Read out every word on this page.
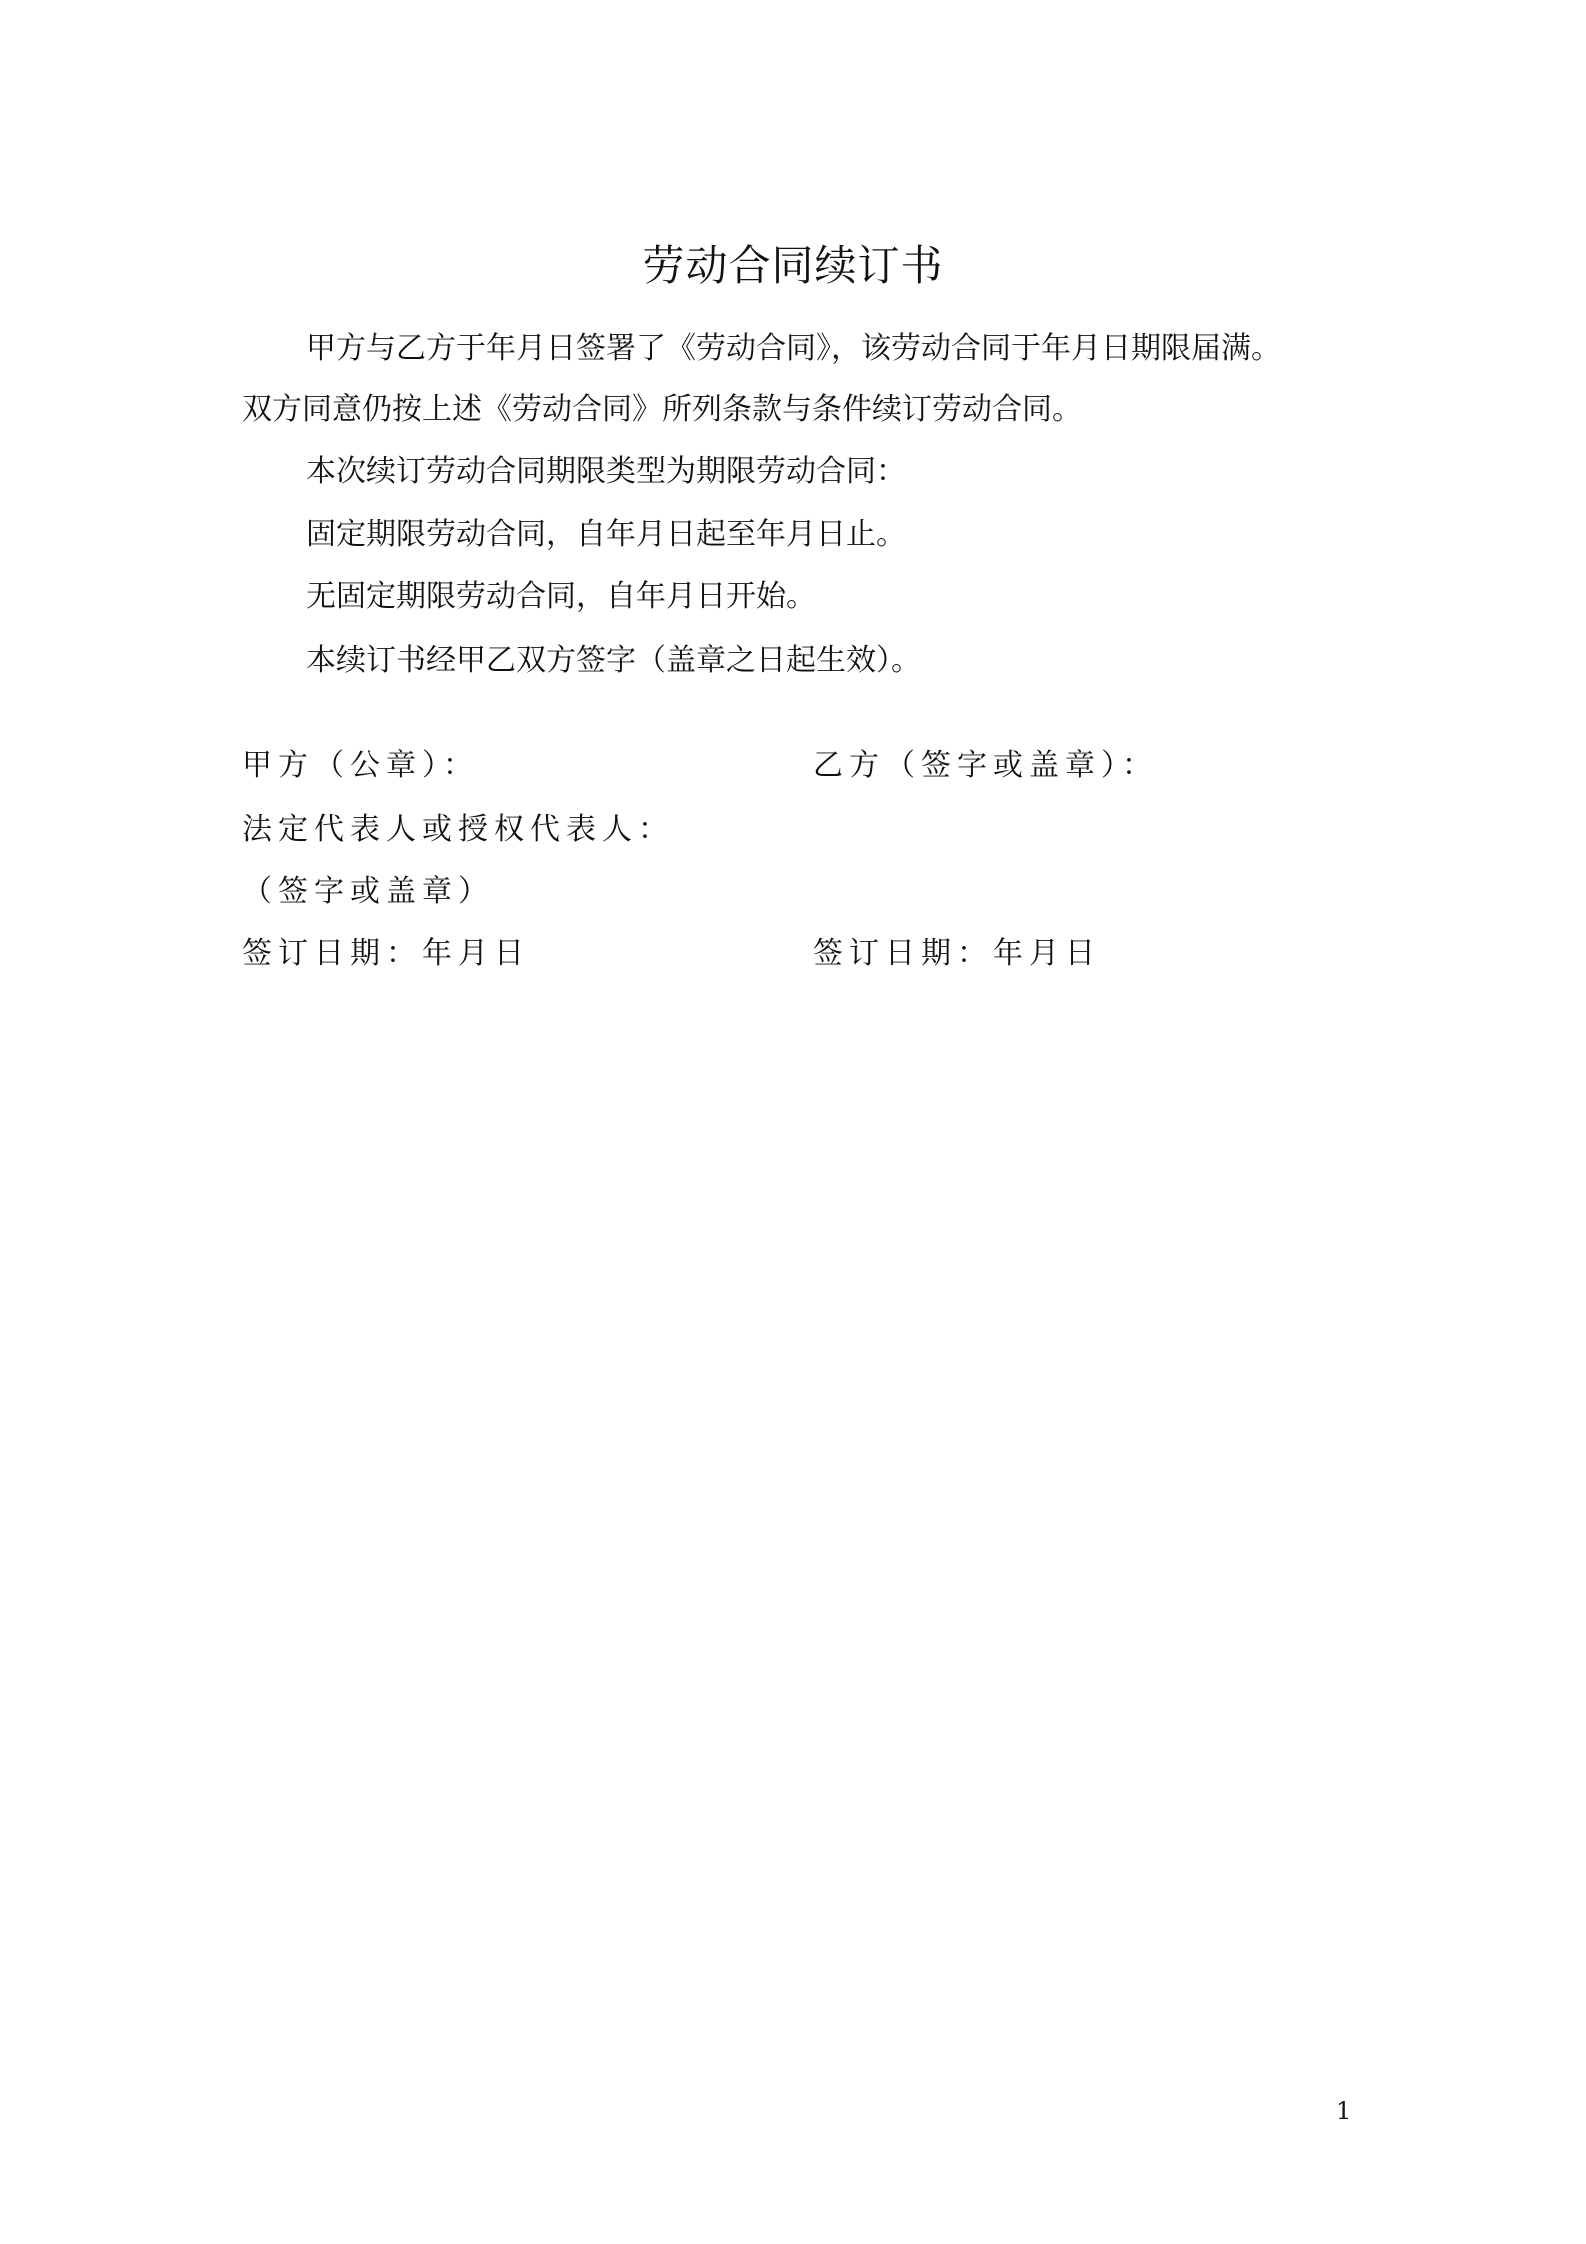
劳动合同续订书
甲方与乙方于年月日签署了《劳动合同》，该劳动合同于年月日期限届满。
双方同意仍按上述《劳动合同》所列条款与条件续订劳动合同。
本次续订劳动合同期限类型为期限劳动合同：
固定期限劳动合同，自年月日起至年月日止。
无固定期限劳动合同，自年月日开始。
本续订书经甲乙双方签字（盖章之日起生效）。
甲方（公章）：	乙方（签字或盖章）：
法定代表人或授权代表人：
（签字或盖章）
签订日期：年月日	签订日期：年月日
1
